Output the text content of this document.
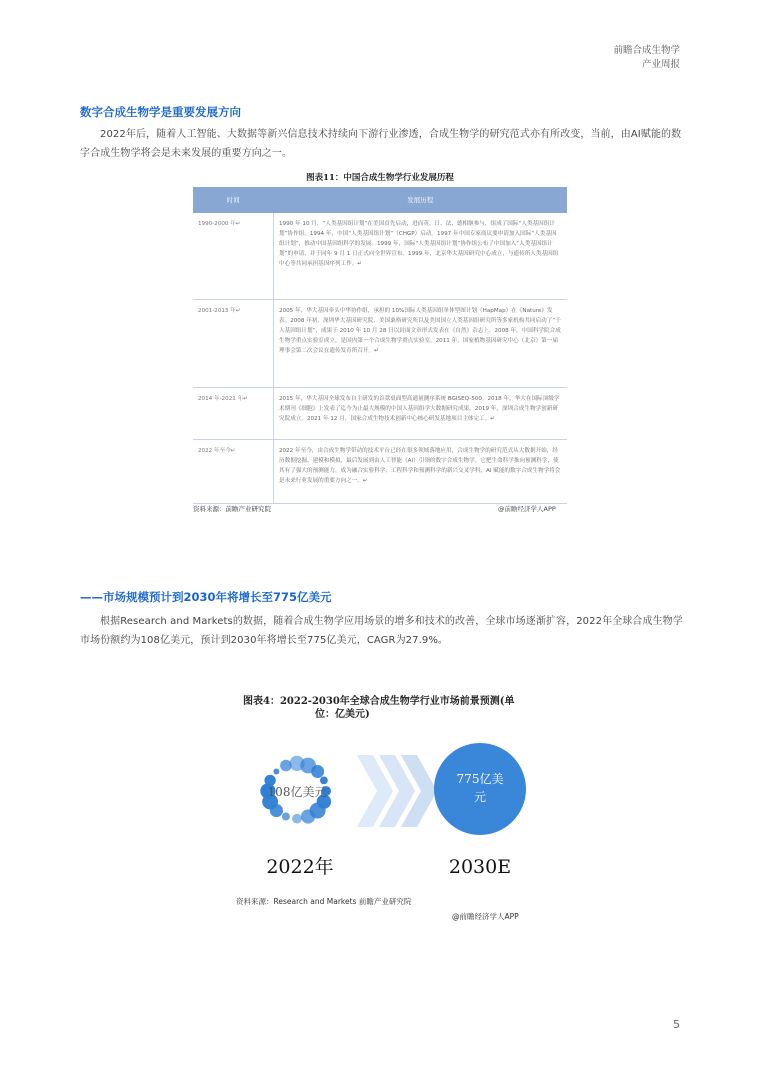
前瞻合成生物学
产业周报
数字合成生物学是重要发展方向
2022年后，随着人工智能、大数据等新兴信息技术持续向下游行业渗透，合成生物学的研究范式亦有所改变，当前，由AI赋能的数字合成生物学将会是未来发展的重要方向之一。
图表11：中国合成生物学行业发展历程
时间	发展历程
1990-2000 年↵	1990 年 10 月，“人类基因组计划”在美国首先启动，进而英、日、法、德相继参与，组成了国际“人类基因组计划”协作组。1994 年，中国“人类基因组计划”（CHGP）启动。1997 年中国专家商议要申请加入国际“人类基因组计划”，推动中国基因组科学的发展。1999 年，国际“人类基因组计划”协作组公布了中国加入“人类基因组计划”的申请，并于同年 9 月 1 日正式向全世界宣布。1999 年，北京华大基因研究中心成立，与遗传所人类基因组中心等共同承担基因序列工作。↵
2001-2013 年↵	2005 年，华大基因牵头中华协作组，承担的 10%国际人类基因组单体型图计划（HapMap）在《Nature》发表。2008 年初，深圳华大基因研究院、美国桑格研究所以及美国国立人类基因组研究所等多家机构共同启动了“千人基因组计划”，成果于 2010 年 10 月 28 日以封面文章形式发表在《自然》杂志上。2008 年，中国科学院合成生物学重点实验室成立，是国内第一个合成生物学重点实验室。2011 年，国家植物基因研究中心（北京）第一届理事会第二次会议在遗传发育所召开。↵
2014 年-2021 年↵	2015 年，华大基因全球发布自主研发的首款桌面型高通量测序系统 BGISEQ-500。2018 年，华大在国际顶级学术期刊《细胞》上发表了迄今为止最大规模的中国人基因组学大数据研究成果。2019 年，深圳合成生物学创新研究院成立。2021 年 12 月，国家合成生物技术创新中心核心研发基地项目主体完工。↵
2022 年至今↵	2022 年至今，由合成生物学带动的技术平台已经在很多领域落地应用，合成生物学的研究范式从大数据开始，经历数据挖掘、建模和模拟，最后发展到由人工智能（AI）引领的数字合成生物学。它把生命科学推向预测科学，使其有了强大的预测能力，成为融合实验科学、工程科学和预测科学的新兴交叉学科，AI 赋能的数字合成生物学将会是未来行业发展的重要方向之一。↵
资料来源：前瞻产业研究院	@前瞻经济学人APP
——市场规模预计到2030年将增长至775亿美元
根据Research and Markets的数据，随着合成生物学应用场景的增多和技术的改善，全球市场逐渐扩容，2022年全球合成生物学市场份额约为108亿美元，预计到2030年将增长至775亿美元，CAGR为27.9%。
图表4：2022-2030年全球合成生物学行业市场前景预测(单
位：亿美元)
108亿美元
775亿美
元
2022年	2030E
资料来源：Research and Markets 前瞻产业研究院
@前瞻经济学人APP
5
